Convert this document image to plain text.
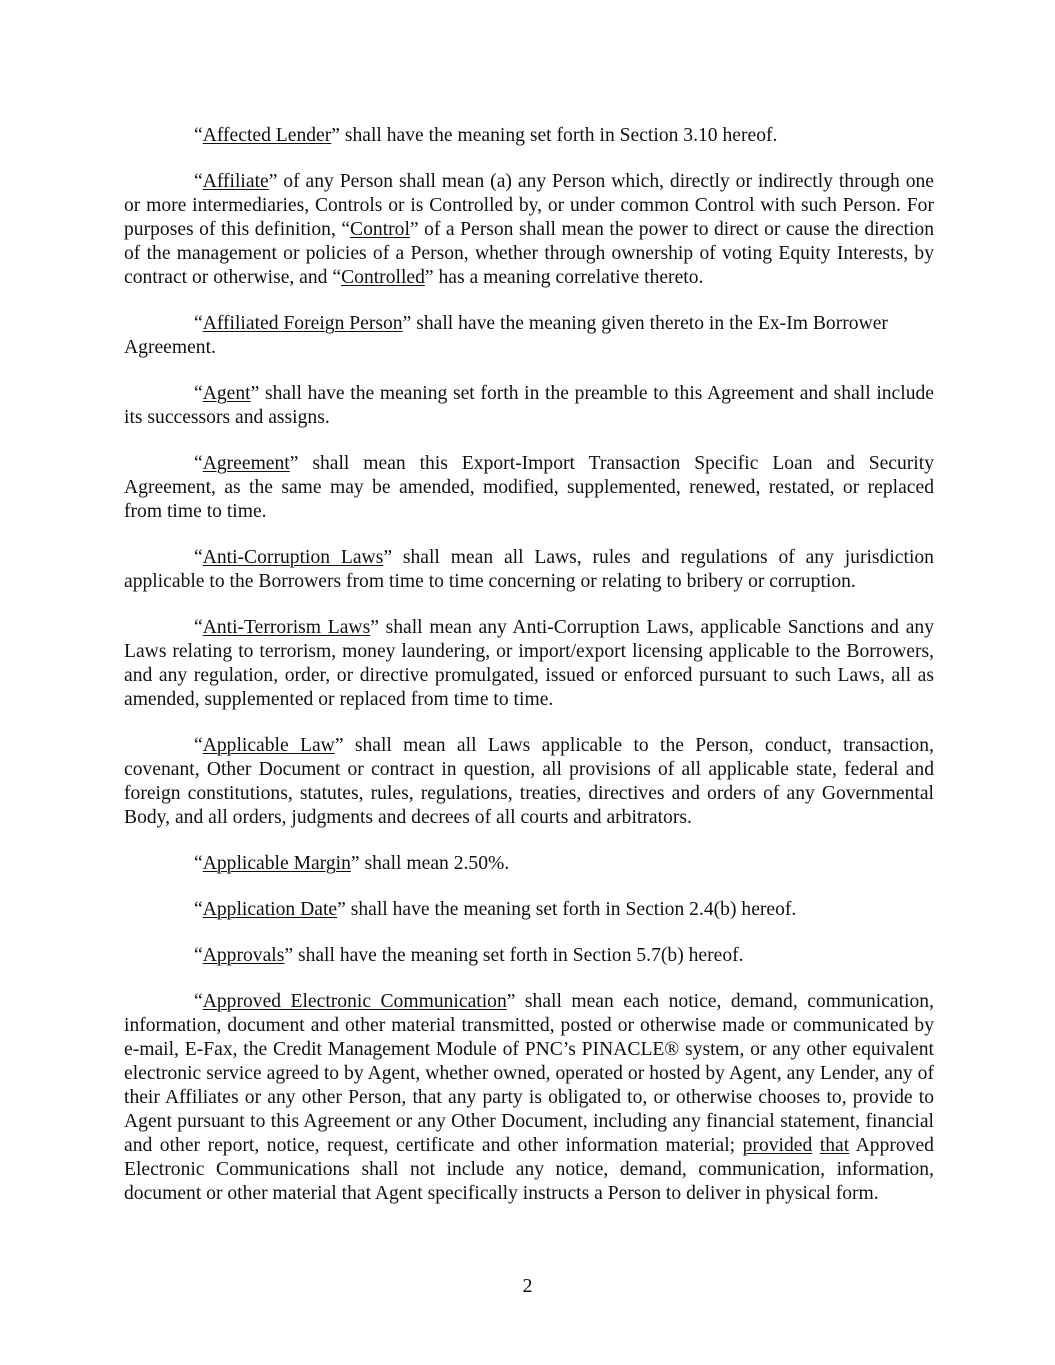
“Affected Lender” shall have the meaning set forth in Section 3.10 hereof.

“Affiliate” of any Person shall mean (a) any Person which, directly or indirectly through one or more intermediaries, Controls or is Controlled by, or under common Control with such Person. For purposes of this definition, “Control” of a Person shall mean the power to direct or cause the direction of the management or policies of a Person, whether through ownership of voting Equity Interests, by contract or otherwise, and “Controlled” has a meaning correlative thereto.

“Affiliated Foreign Person” shall have the meaning given thereto in the Ex-Im Borrower Agreement.

“Agent” shall have the meaning set forth in the preamble to this Agreement and shall include its successors and assigns.

“Agreement” shall mean this Export-Import Transaction Specific Loan and Security Agreement, as the same may be amended, modified, supplemented, renewed, restated, or replaced from time to time.

“Anti-Corruption Laws” shall mean all Laws, rules and regulations of any jurisdiction applicable to the Borrowers from time to time concerning or relating to bribery or corruption.

“Anti-Terrorism Laws” shall mean any Anti-Corruption Laws, applicable Sanctions and any Laws relating to terrorism, money laundering, or import/export licensing applicable to the Borrowers, and any regulation, order, or directive promulgated, issued or enforced pursuant to such Laws, all as amended, supplemented or replaced from time to time.

“Applicable Law” shall mean all Laws applicable to the Person, conduct, transaction, covenant, Other Document or contract in question, all provisions of all applicable state, federal and foreign constitutions, statutes, rules, regulations, treaties, directives and orders of any Governmental Body, and all orders, judgments and decrees of all courts and arbitrators.

“Applicable Margin” shall mean 2.50%.

“Application Date” shall have the meaning set forth in Section 2.4(b) hereof.

“Approvals” shall have the meaning set forth in Section 5.7(b) hereof.

“Approved Electronic Communication” shall mean each notice, demand, communication, information, document and other material transmitted, posted or otherwise made or communicated by e-mail, E-Fax, the Credit Management Module of PNC’s PINACLE® system, or any other equivalent electronic service agreed to by Agent, whether owned, operated or hosted by Agent, any Lender, any of their Affiliates or any other Person, that any party is obligated to, or otherwise chooses to, provide to Agent pursuant to this Agreement or any Other Document, including any financial statement, financial and other report, notice, request, certificate and other information material; provided that Approved Electronic Communications shall not include any notice, demand, communication, information, document or other material that Agent specifically instructs a Person to deliver in physical form.

2
